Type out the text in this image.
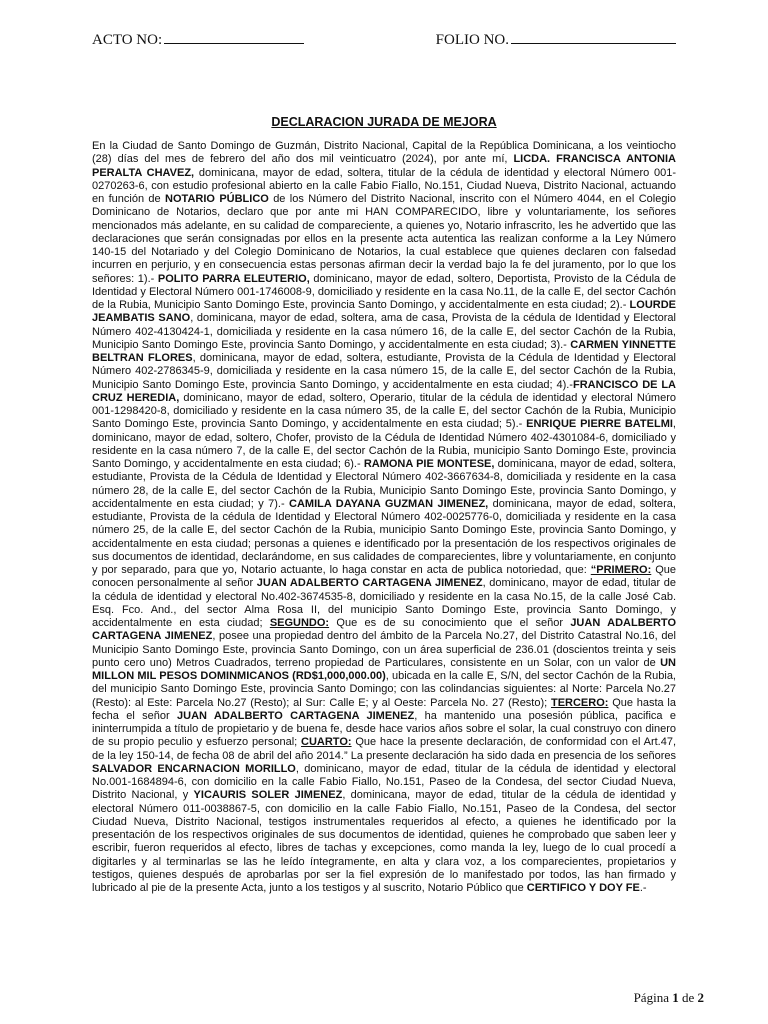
ACTO NO:	FOLIO NO.
DECLARACION JURADA DE MEJORA

En la Ciudad de Santo Domingo de Guzmán, Distrito Nacional, Capital de la República Dominicana, a los veintiocho (28) días del mes de febrero del año dos mil veinticuatro (2024), por ante mí, LICDA. FRANCISCA ANTONIA PERALTA CHAVEZ, dominicana, mayor de edad, soltera, titular de la cédula de identidad y electoral Número 001-0270263-6, con estudio profesional abierto en la calle Fabio Fiallo, No.151, Ciudad Nueva, Distrito Nacional, actuando en función de NOTARIO PÚBLICO de los Número del Distrito Nacional, inscrito con el Número 4044, en el Colegio Dominicano de Notarios, declaro que por ante mi HAN COMPARECIDO, libre y voluntariamente, los señores mencionados más adelante, en su calidad de compareciente, a quienes yo, Notario infrascrito, les he advertido que las declaraciones que serán consignadas por ellos en la presente acta autentica las realizan conforme a la Ley Número 140-15 del Notariado y del Colegio Dominicano de Notarios, la cual establece que quienes declaren con falsedad incurren en perjurio, y en consecuencia estas personas afirman decir la verdad bajo la fe del juramento, por lo que los señores: 1).- POLITO PARRA ELEUTERIO, dominicano, mayor de edad, soltero, Deportista, Provisto de la Cédula de Identidad y Electoral Número 001-1746008-9, domiciliado y residente en la casa No.11, de la calle E, del sector Cachón de la Rubia, Municipio Santo Domingo Este, provincia Santo Domingo, y accidentalmente en esta ciudad; 2).- LOURDE JEAMBATIS SANO, dominicana, mayor de edad, soltera, ama de casa, Provista de la cédula de Identidad y Electoral Número 402-4130424-1, domiciliada y residente en la casa número 16, de la calle E, del sector Cachón de la Rubia, Municipio Santo Domingo Este, provincia Santo Domingo, y accidentalmente en esta ciudad; 3).- CARMEN YINNETTE BELTRAN FLORES, dominicana, mayor de edad, soltera, estudiante, Provista de la Cédula de Identidad y Electoral Número 402-2786345-9, domiciliada y residente en la casa número 15, de la calle E, del sector Cachón de la Rubia, Municipio Santo Domingo Este, provincia Santo Domingo, y accidentalmente en esta ciudad; 4).-FRANCISCO DE LA CRUZ HEREDIA, dominicano, mayor de edad, soltero, Operario, titular de la cédula de identidad y electoral Número 001-1298420-8, domiciliado y residente en la casa número 35, de la calle E, del sector Cachón de la Rubia, Municipio Santo Domingo Este, provincia Santo Domingo, y accidentalmente en esta ciudad; 5).- ENRIQUE PIERRE BATELMI, dominicano, mayor de edad, soltero, Chofer, provisto de la Cédula de Identidad Número 402-4301084-6, domiciliado y residente en la casa número 7, de la calle E, del sector Cachón de la Rubia, municipio Santo Domingo Este, provincia Santo Domingo, y accidentalmente en esta ciudad; 6).- RAMONA PIE MONTESE, dominicana, mayor de edad, soltera, estudiante, Provista de la Cédula de Identidad y Electoral Número 402-3667634-8, domiciliada y residente en la casa número 28, de la calle E, del sector Cachón de la Rubia, Municipio Santo Domingo Este, provincia Santo Domingo, y accidentalmente en esta ciudad; y 7).- CAMILA DAYANA GUZMAN JIMENEZ, dominicana, mayor de edad, soltera, estudiante, Provista de la cédula de Identidad y Electoral Número 402-0025776-0, domiciliada y residente en la casa número 25, de la calle E, del sector Cachón de la Rubia, municipio Santo Domingo Este, provincia Santo Domingo, y accidentalmente en esta ciudad; personas a quienes e identificado por la presentación de los respectivos originales de sus documentos de identidad, declarándome, en sus calidades de comparecientes, libre y voluntariamente, en conjunto y por separado, para que yo, Notario actuante, lo haga constar en acta de publica notoriedad, que: “PRIMERO: Que conocen personalmente al señor JUAN ADALBERTO CARTAGENA JIMENEZ, dominicano, mayor de edad, titular de la cédula de identidad y electoral No.402-3674535-8, domiciliado y residente en la casa No.15, de la calle José Cab. Esq. Fco. And., del sector Alma Rosa II, del municipio Santo Domingo Este, provincia Santo Domingo, y accidentalmente en esta ciudad; SEGUNDO: Que es de su conocimiento que el señor JUAN ADALBERTO CARTAGENA JIMENEZ, posee una propiedad dentro del ámbito de la Parcela No.27, del Distrito Catastral No.16, del Municipio Santo Domingo Este, provincia Santo Domingo, con un área superficial de 236.01 (doscientos treinta y seis punto cero uno) Metros Cuadrados, terreno propiedad de Particulares, consistente en un Solar, con un valor de UN MILLON MIL PESOS DOMINMICANOS (RD$1,000,000.00), ubicada en la calle E, S/N, del sector Cachón de la Rubia, del municipio Santo Domingo Este, provincia Santo Domingo; con las colindancias siguientes: al Norte: Parcela No.27 (Resto): al Este: Parcela No.27 (Resto); al Sur: Calle E; y al Oeste: Parcela No. 27 (Resto); TERCERO: Que hasta la fecha el señor JUAN ADALBERTO CARTAGENA JIMENEZ, ha mantenido una posesión pública, pacifica e ininterrumpida a título de propietario y de buena fe, desde hace varios años sobre el solar, la cual construyo con dinero de su propio peculio y esfuerzo personal; CUARTO: Que hace la presente declaración, de conformidad con el Art.47, de la ley 150-14, de fecha 08 de abril del año 2014.” La presente declaración ha sido dada en presencia de los señores SALVADOR ENCARNACION MORILLO, dominicano, mayor de edad, titular de la cédula de identidad y electoral No.001-1684894-6, con domicilio en la calle Fabio Fiallo, No.151, Paseo de la Condesa, del sector Ciudad Nueva, Distrito Nacional, y YICAURIS SOLER JIMENEZ, dominicana, mayor de edad, titular de la cédula de identidad y electoral Número 011-0038867-5, con domicilio en la calle Fabio Fiallo, No.151, Paseo de la Condesa, del sector Ciudad Nueva, Distrito Nacional, testigos instrumentales requeridos al efecto, a quienes he identificado por la presentación de los respectivos originales de sus documentos de identidad, quienes he comprobado que saben leer y escribir, fueron requeridos al efecto, libres de tachas y excepciones, como manda la ley, luego de lo cual procedí a digitarles y al terminarlas se las he leído íntegramente, en alta y clara voz, a los comparecientes, propietarios y testigos, quienes después de aprobarlas por ser la fiel expresión de lo manifestado por todos, las han firmado y lubricado al pie de la presente Acta, junto a los testigos y al suscrito, Notario Público que CERTIFICO Y DOY FE.-

Página 1 de 2
